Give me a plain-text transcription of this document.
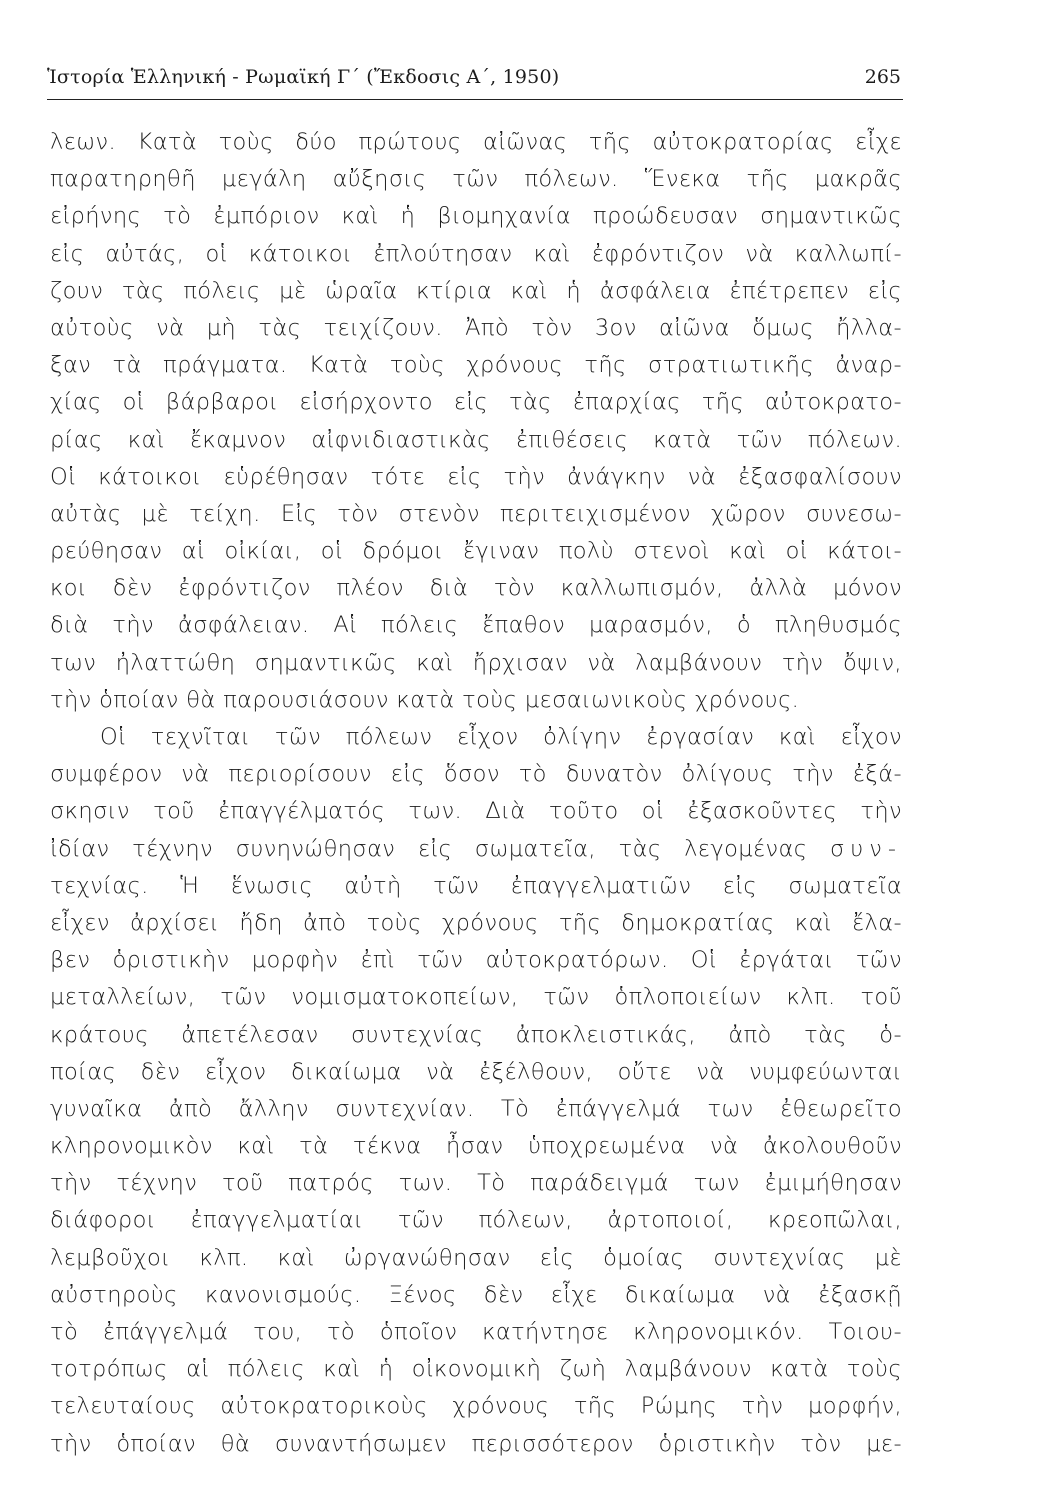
Ἱστορία Ἑλληνική - Ρωμαϊκή Γ΄ (Ἔκδοσις Α΄, 1950)	265
λεων. Κατὰ τοὺς δύο πρώτους αἰῶνας τῆς αὐτοκρατορίας εἶχε
παρατηρηθῆ μεγάλη αὔξησις τῶν πόλεων. Ἕνεκα τῆς μακρᾶς
εἰρήνης τὸ ἐμπόριον καὶ ἡ βιομηχανία προώδευσαν σημαντικῶς
εἰς αὐτάς, οἱ κάτοικοι ἐπλούτησαν καὶ ἐφρόντιζον νὰ καλλωπί-
ζουν τὰς πόλεις μὲ ὡραῖα κτίρια καὶ ἡ ἀσφάλεια ἐπέτρεπεν εἰς
αὐτοὺς νὰ μὴ τὰς τειχίζουν. Ἀπὸ τὸν 3ον αἰῶνα ὅμως ἤλλα-
ξαν τὰ πράγματα. Κατὰ τοὺς χρόνους τῆς στρατιωτικῆς ἀναρ-
χίας οἱ βάρβαροι εἰσήρχοντο εἰς τὰς ἐπαρχίας τῆς αὐτοκρατο-
ρίας καὶ ἔκαμνον αἰφνιδιαστικὰς ἐπιθέσεις κατὰ τῶν πόλεων.
Οἱ κάτοικοι εὑρέθησαν τότε εἰς τὴν ἀνάγκην νὰ ἐξασφαλίσουν
αὐτὰς μὲ τείχη. Εἰς τὸν στενὸν περιτειχισμένον χῶρον συνεσω-
ρεύθησαν αἱ οἰκίαι, οἱ δρόμοι ἔγιναν πολὺ στενοὶ καὶ οἱ κάτοι-
κοι δὲν ἐφρόντιζον πλέον διὰ τὸν καλλωπισμόν, ἀλλὰ μόνον
διὰ τὴν ἀσφάλειαν. Αἱ πόλεις ἔπαθον μαρασμόν, ὁ πληθυσμός
των ἠλαττώθη σημαντικῶς καὶ ἤρχισαν νὰ λαμβάνουν τὴν ὄψιν,
τὴν ὁποίαν θὰ παρουσιάσουν κατὰ τοὺς μεσαιωνικοὺς χρόνους.
Οἱ τεχνῖται τῶν πόλεων εἶχον ὀλίγην ἐργασίαν καὶ εἶχον
συμφέρον νὰ περιορίσουν εἰς ὅσον τὸ δυνατὸν ὀλίγους τὴν ἐξά-
σκησιν τοῦ ἐπαγγέλματός των. Διὰ τοῦτο οἱ ἐξασκοῦντες τὴν
ἰδίαν τέχνην συνηνώθησαν εἰς σωματεῖα, τὰς λεγομένας συν-
τεχνίας. Ἡ ἕνωσις αὐτὴ τῶν ἐπαγγελματιῶν εἰς σωματεῖα
εἶχεν ἀρχίσει ἤδη ἀπὸ τοὺς χρόνους τῆς δημοκρατίας καὶ ἔλα-
βεν ὁριστικὴν μορφὴν ἐπὶ τῶν αὐτοκρατόρων. Οἱ ἐργάται τῶν
μεταλλείων, τῶν νομισματοκοπείων, τῶν ὁπλοποιείων κλπ. τοῦ
κράτους ἀπετέλεσαν συντεχνίας ἀποκλειστικάς, ἀπὸ τὰς ὁ-
ποίας δὲν εἶχον δικαίωμα νὰ ἐξέλθουν, οὔτε νὰ νυμφεύωνται
γυναῖκα ἀπὸ ἄλλην συντεχνίαν. Τὸ ἐπάγγελμά των ἐθεωρεῖτο
κληρονομικὸν καὶ τὰ τέκνα ἦσαν ὑποχρεωμένα νὰ ἀκολουθοῦν
τὴν τέχνην τοῦ πατρός των. Τὸ παράδειγμά των ἐμιμήθησαν
διάφοροι ἐπαγγελματίαι τῶν πόλεων, ἀρτοποιοί, κρεοπῶλαι,
λεμβοῦχοι κλπ. καὶ ὠργανώθησαν εἰς ὁμοίας συντεχνίας μὲ
αὐστηροὺς κανονισμούς. Ξένος δὲν εἶχε δικαίωμα νὰ ἐξασκῇ
τὸ ἐπάγγελμά του, τὸ ὁποῖον κατήντησε κληρονομικόν. Τοιου-
τοτρόπως αἱ πόλεις καὶ ἡ οἰκονομικὴ ζωὴ λαμβάνουν κατὰ τοὺς
τελευταίους αὐτοκρατορικοὺς χρόνους τῆς Ρώμης τὴν μορφήν,
τὴν ὁποίαν θὰ συναντήσωμεν περισσότερον ὁριστικὴν τὸν με-
